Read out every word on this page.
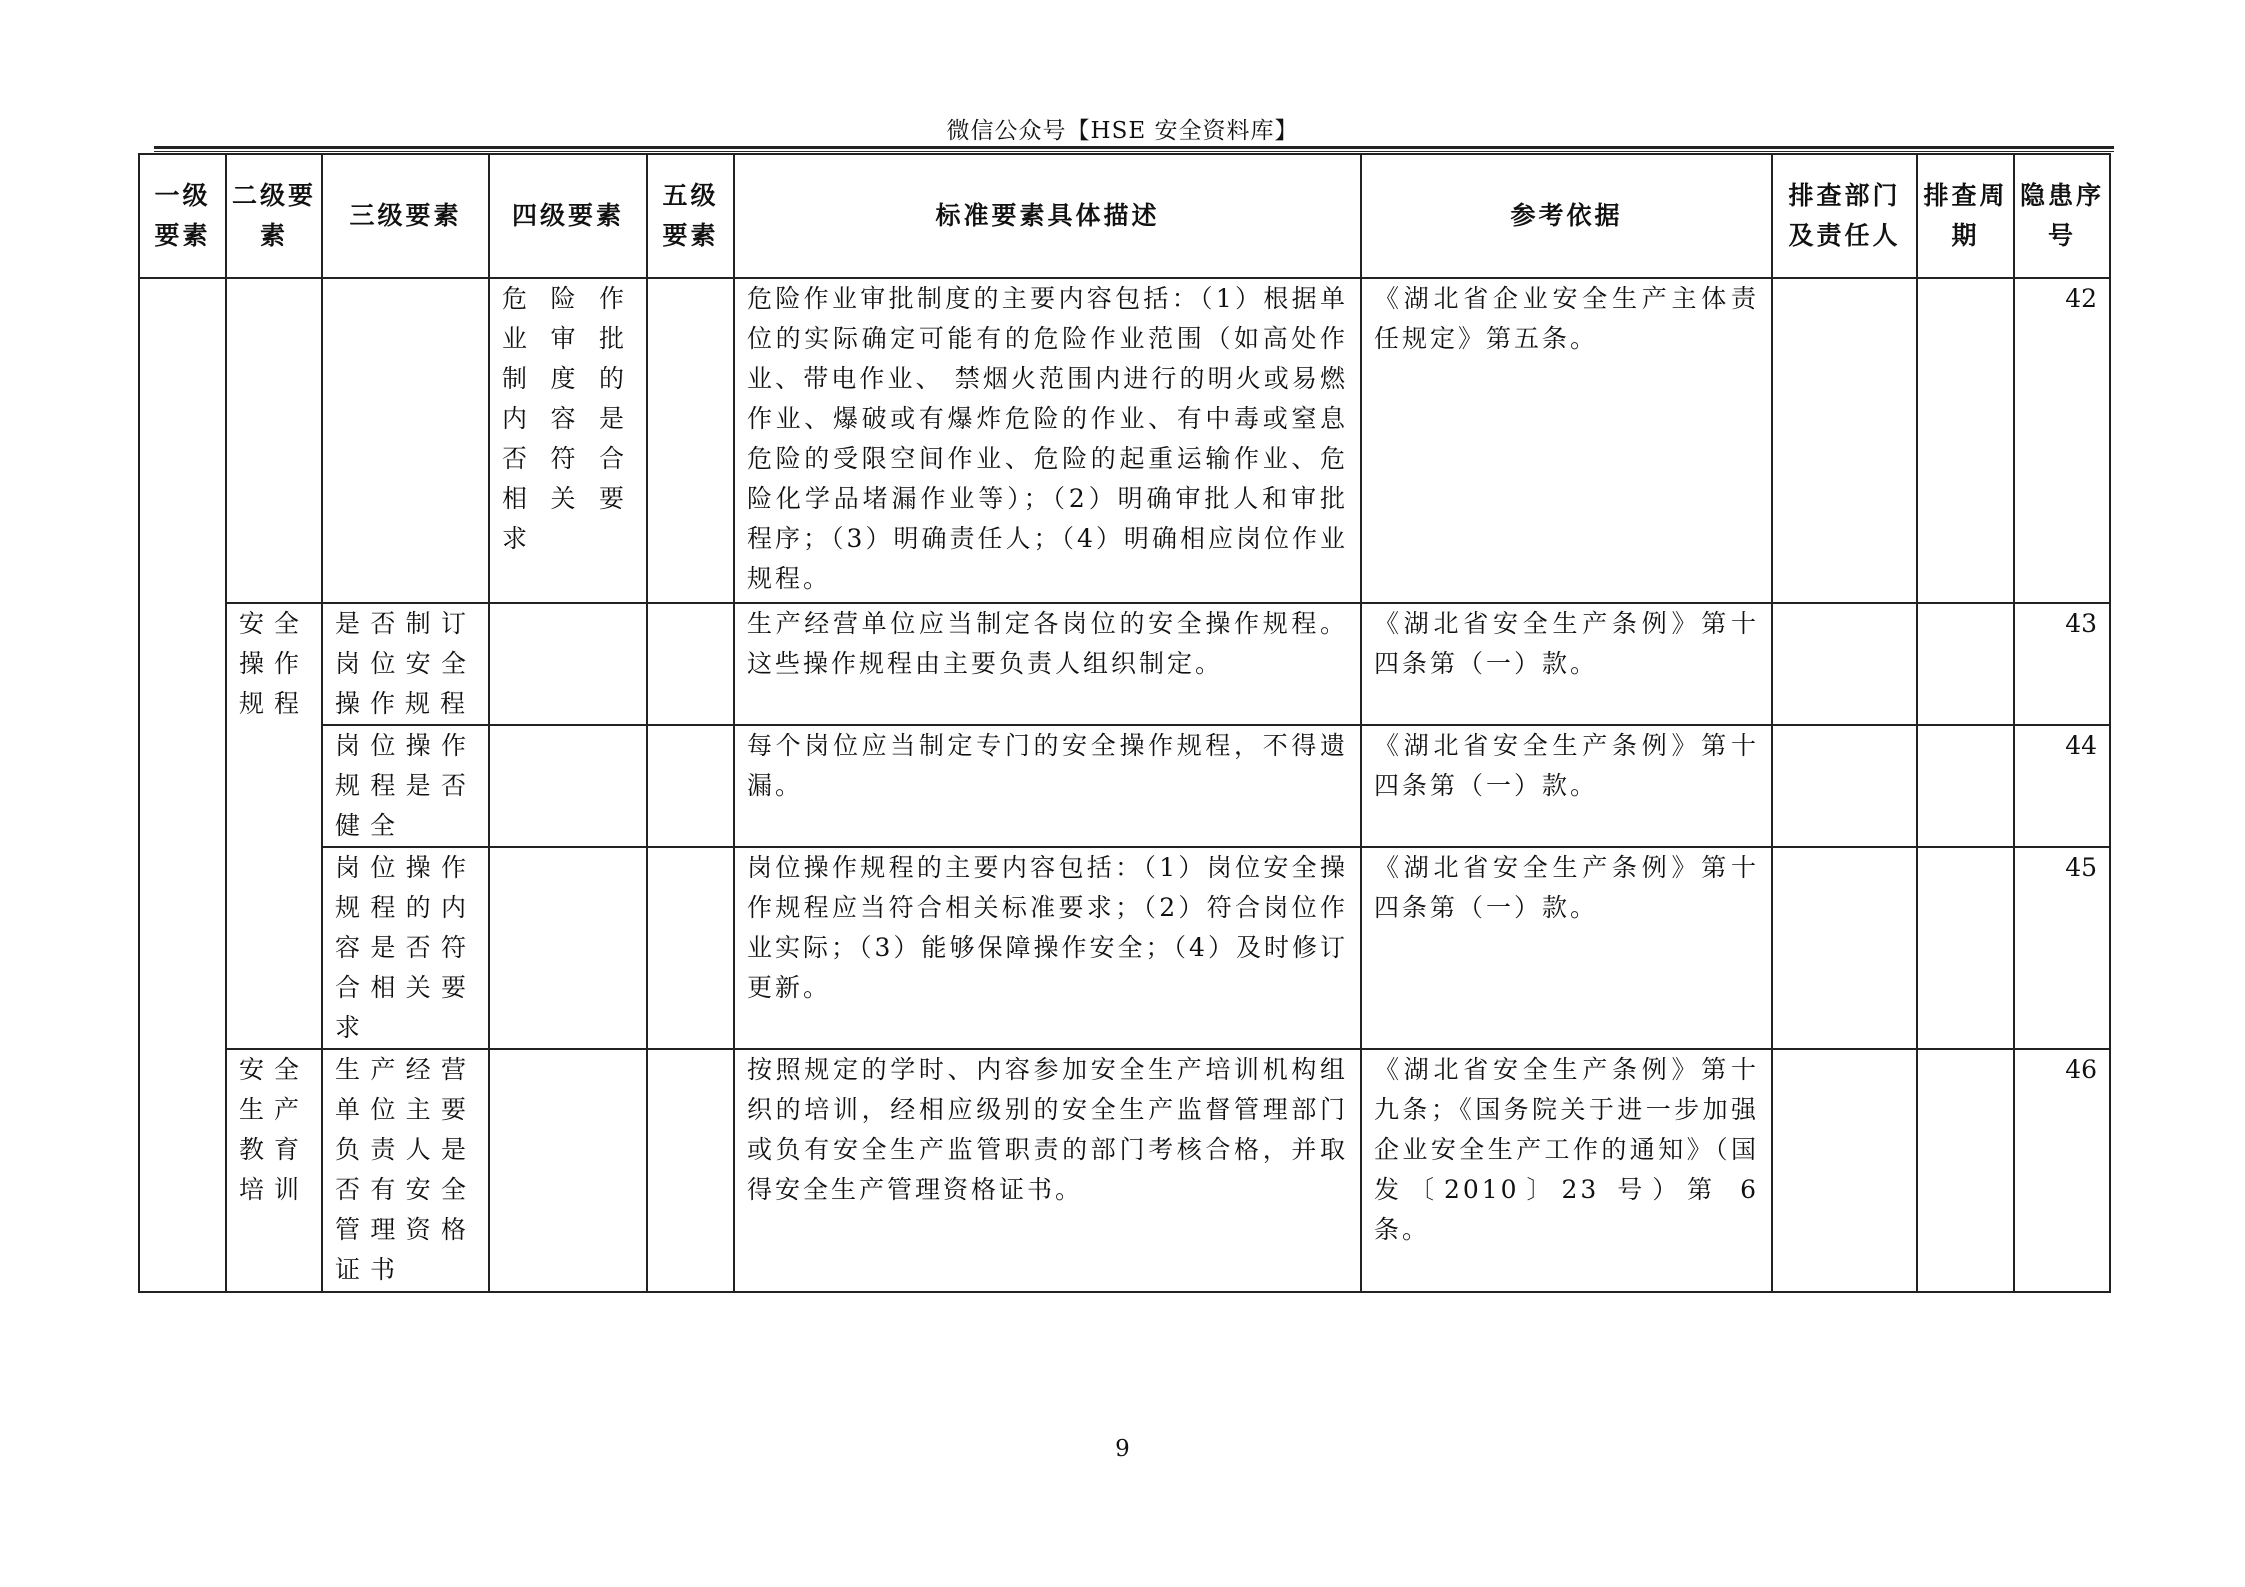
微信公众号【HSE 安全资料库】
一级要素	二级要素	三级要素	四级要素	五级要素	标准要素具体描述	参考依据	排查部门及责任人	排查周期	隐患序号
			危险作业审批制度的内容是否符合相关要求		危险作业审批制度的主要内容包括：（1）根据单位的实际确定可能有的危险作业范围（如高处作业、带电作业、 禁烟火范围内进行的明火或易燃作业、爆破或有爆炸危险的作业、有中毒或窒息危险的受限空间作业、危险的起重运输作业、危险化学品堵漏作业等）；（2）明确审批人和审批程序；（3）明确责任人；（4）明确相应岗位作业规程。	《湖北省企业安全生产主体责任规定》第五条。			42
	安全操作规程	是否制订岗位安全操作规程			生产经营单位应当制定各岗位的安全操作规程。这些操作规程由主要负责人组织制定。	《湖北省安全生产条例》第十四条第（一）款。			43
		岗位操作规程是否健全			每个岗位应当制定专门的安全操作规程，不得遗漏。	《湖北省安全生产条例》第十四条第（一）款。			44
		岗位操作规程的内容是否符合相关要求			岗位操作规程的主要内容包括：（1）岗位安全操作规程应当符合相关标准要求；（2）符合岗位作业实际；（3）能够保障操作安全；（4）及时修订更新。	《湖北省安全生产条例》第十四条第（一）款。			45
	安全生产教育培训	生产经营单位主要负责人是否有安全管理资格证书			按照规定的学时、内容参加安全生产培训机构组织的培训，经相应级别的安全生产监督管理部门或负有安全生产监管职责的部门考核合格，并取得安全生产管理资格证书。	《湖北省安全生产条例》第十九条；《国务院关于进一步加强企业安全生产工作的通知》（国发〔2010〕23 号）第 6 条。			46
9
